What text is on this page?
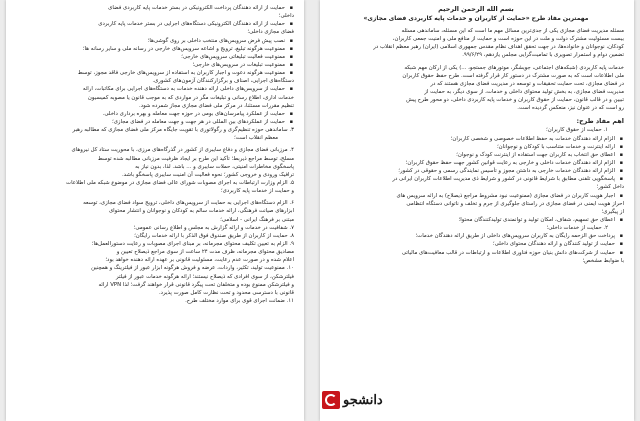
▪ حمایت از ارائه دهندگان پرداخت الکترونیکی در بستر خدمات پایه کاربردی فضای
داخلی؛
▪ حمایت از ارائه دهندگان الکترونیکی دستگاه‌های اجرایی در بستر خدمات پایه کاربردی
فضای مجازی داخلی؛
▪ نصب پیش فرض سرویس‌های منتخب داخلی بر روی گوشی‌ها؛
▪ ممنوعیت هرگونه تبلیغ، ترویج و اشاعه سرویس‌های خارجی در رسانه ملی و سایر رسانه ها؛
▪ ممنوعیت فعالیت تبلیغاتی سرویس‌های خارجی؛
▪ ممنوعیت تبلیغات در سرویس‌های خارجی؛
▪ ممنوعیت هرگونه دعوت و اجبار کاربران به استفاده از سرویس‌های خارجی فاقد مجوز، توسط
دستگاه‌های اجرایی، اصناف و برگزارکنندگان آزمون‌های کشوری.
▪ حمایت از سرویس‌های داخلی ارائه دهنده خدمات به دستگاه‌های اجرایی برای مکاتبات، ارائه
خدمات اداری، اطلاع رسانی و تبلیغات مگر در مواردی که به موجب قانون یا مصوبه کمیسیون
تنظیم مقررات مستثنا، در مرکز ملی فضای مجازی مجاز شمرده شود.
▪ حمایت از عملکرد پیامرسان‌های بومی در حوزه جهت معامله و بهره برداری داخلی.
▪ حمایت از عملکردهای بین المللی در هر جهت و جهت معامله در فضای مجازی؛
۳. ساماندهی حوزه تنظیم‌گری و رگولاتوری با تقویت جایگاه مرکز ملی فضای مجازی که مطالبه رهبر
معظم انقلاب است؛
۴. مرزبانی فضای مجازی و دفاع سایبری از کشور در گذرگاه‌های مرزی، با محوریت ستاد کل نیروهای
مسلح، توسط مراجع ذیربط؛ تأکید این طرح بر ایجاد ظرفیت مرزبانی مطالبه شده توسط
پاسخگوی مخاطرات امنیتی، حملات سایبری و ... باشد. لذا، بدون نیاز به
ترافیک ورودی و خروجی کشور؛ نحوه فعالیت آن امنیت سایبری پاسخگو باشد.
۵. الزام وزارت ارتباطات به اجرای مصوبات شورای عالی فضای مجازی در موضوع شبکه ملی اطلاعات
و حمایت از خدمات پایه کاربردی؛
۶. الزام دستگاه‌های اجرایی به حمایت از سرویس‌های داخلی، ترویج سواد فضای مجازی، توسعه
ابزارهای صیانت فرهنگی، ارائه خدمات سالم به کودکان و نوجوانان و انتشار محتوای
مبتنی بر فرهنگ ایرانی - اسلامی؛
۷. شفافیت در خدمات و ارائه گزارش به مجلس و اطلاع رسانی عمومی؛
۸. حمایت از کاربران از طریق صندوق فوق الذکر با ارائه خدمات رایگان؛
۹. الزام به تعیین تکلیف محتوای مجرمانه، بر مبنای اجرای مصوبات و رعایت دستورالعمل‌ها؛
مصادیق محتوای مجرمانه، ظرف مدت ۲۴ ساعت از سوی مراجع ذیصلاح تعیین و
اعلام شده و در صورت عدم رعایت، مسئولیت قانونی بر عهده ارائه دهنده خواهد بود؛
۱۰. ممنوعیت تولید، تکثیر، واردات، عرضه و فروش هرگونه ابزار عبور از فیلترینگ و همچنین
فیلترشکن، از سوی افرادی که ذیصلاح نیستند؛ ارائه هرگونه خدمات عبور از فیلتر
و فیلترشکن ممنوع بوده و متخلفان تحت پیگرد قانونی قرار خواهند گرفت؛ لذا VPN ارائه
قانونی با دسترسی محدود و تحت نظارت کامل صورت پذیرد.
۱۱. ضمانت اجرای قوی برای موارد مختلف طرح.
بسم الله الرحمن الرحیم
مهمترین مفاد طرح «حمایت از کاربران و خدمات پایه کاربردی فضای مجازی»
مسئله مدیریت فضای مجازی یکی از جدی‌ترین مسائل مهم ما است که این مسئله، ساماندهی مسئله
بیست مسئولیت مشترک دولت و ملت در این حوزه است و حمایت از منافع ملی و امنیت جمعی کاربران،
کودکان، نوجوانان و خانواده‌ها، در جهت تحقق اهداف نظام مقدس جمهوری اسلامی (ایران) رهبر معظم انقلاب در
تضمین دوام و استمرار تصویری با تمامیت‌گرایی مجلس یازدهم، ۹۹/۶/۲۹.
خدمات پایه کاربردی (شبکه‌های اجتماعی، جویشگر، موتورهای جستجو، ...) یکی از ارکان مهم شبکه
ملی اطلاعات است که به صورت مشترک در دستور کار قرار گرفته است. طرح حفظ حقوق کاربران
در فضای مجازی، تحت حمایت تحقیقات و توسعه در مدیریت فضای مجازی هستند که در
مدیریت فضای مجازی، به بخش تولید محتوای داخلی و خدمات، از سوی دیگر، به حمایت از
تبیین و در قالب قانون، حمایت از حقوق کاربران و خدمات پایه کاربردی داخلی، دو محور طرح پیش
رو است که در عنوان نیز، منعکس گردیده است.
اهم مفاد طرح:
۱. حمایت از حقوق کاربران؛
▪ الزام ارائه دهندگان خدمات به حفظ اطلاعات خصوصی و شخصی کاربران؛
▪ ارائه اینترنت و خدمات متناسب با کودکان و نوجوانان؛
▪ اعطای حق انتخاب به کاربران جهت استفاده از اینترنت کودک و نوجوان؛
▪ الزام ارائه دهندگان خدمات داخلی و خارجی به رعایت قوانین کشور جهت حفظ حقوق کاربران؛
▪ الزام ارائه دهندگان خدمات خارجی به داشتن مجوز و تأسیس نمایندگی رسمی و حقوقی در کشور؛
▪ پاسخگویی تلفنی مطابق با شرایط قانونی در کشور و شرایط ذی مدیریت اطلاعات کاربران ایرانی در
داخل کشور؛
▪ اجبار هویت کاربران در فضای مجازی (ممنوعیت نبود مشروط مراجع ذیصلاح) به ارائه سرویس های
احراز هویت ایمنی در فضای مجازی در راستای جلوگیری از جرم و تخلف و ناتوانی دستگاه انتظامی
از پیگیری؛
▪ اعطای حق تسهیم، شفاف، امکان تولید و توانمندی تولیدکنندگان محتوا؛
۲. حمایت از خدمات داخلی؛
▪ پرداخت حق الزحمه رایگان به کاربران سرویس‌های داخلی از طریق ارائه دهندگان خدمات؛
▪ حمایت از تولید کنندگان و ارائه دهندگان محتوای داخلی؛
▪ حمایت از شرکت‌های دانش بنیان حوزه فناوری اطلاعات و ارتباطات در قالب معافیت‌های مالیاتی
با ضوابط مشخص؛
دانشجو
